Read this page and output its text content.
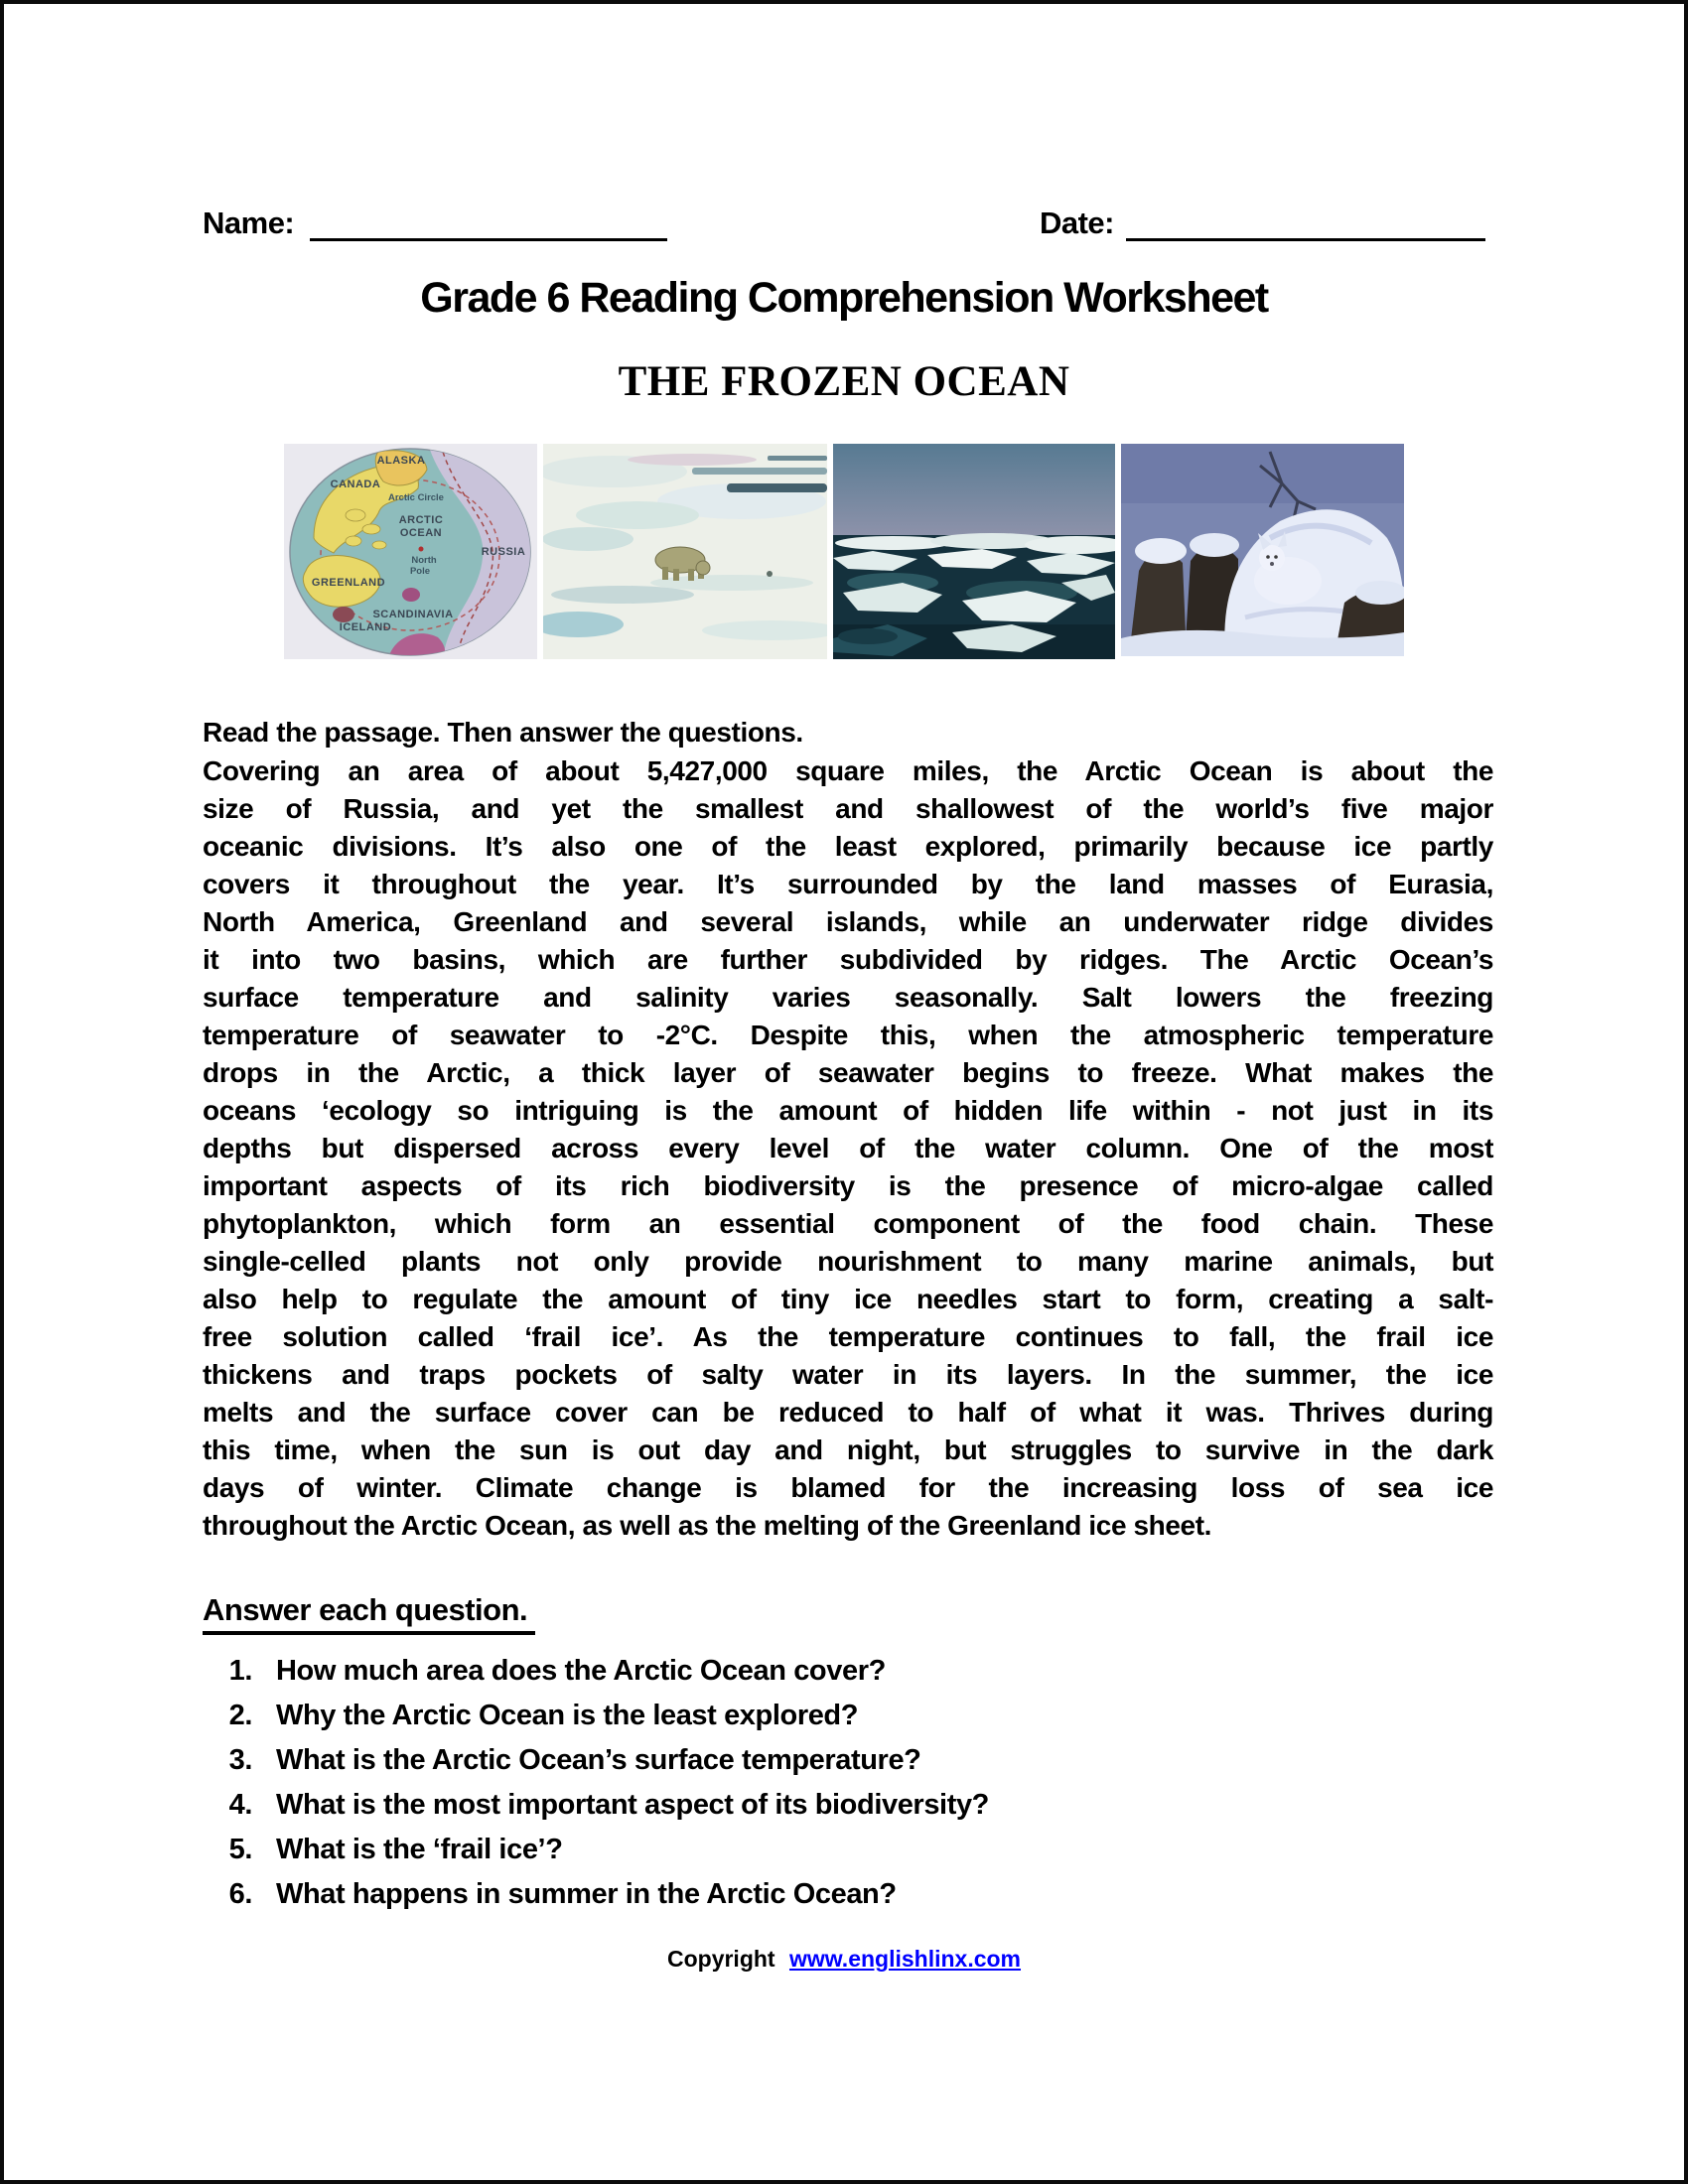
Name:	Date:
Grade 6 Reading Comprehension Worksheet
THE FROZEN OCEAN
ALASKA
CANADA
Arctic Circle
ARCTIC
OCEAN
RUSSIA
North
Pole
GREENLAND
SCANDINAVIA
ICELAND

Read the passage. Then answer the questions.

Covering an area of about 5,427,000 square miles, the Arctic Ocean is about the
size of Russia, and yet the smallest and shallowest of the world’s five major
oceanic divisions. It’s also one of the least explored, primarily because ice partly
covers it throughout the year. It’s surrounded by the land masses of Eurasia,
North America, Greenland and several islands, while an underwater ridge divides
it into two basins, which are further subdivided by ridges. The Arctic Ocean’s
surface temperature and salinity varies seasonally. Salt lowers the freezing
temperature of seawater to -2°C. Despite this, when the atmospheric temperature
drops in the Arctic, a thick layer of seawater begins to freeze. What makes the
oceans ‘ecology so intriguing is the amount of hidden life within - not just in its
depths but dispersed across every level of the water column. One of the most
important aspects of its rich biodiversity is the presence of micro-algae called
phytoplankton, which form an essential component of the food chain. These
single-celled plants not only provide nourishment to many marine animals, but
also help to regulate the amount of tiny ice needles start to form, creating a salt-
free solution called ‘frail ice’. As the temperature continues to fall, the frail ice
thickens and traps pockets of salty water in its layers. In the summer, the ice
melts and the surface cover can be reduced to half of what it was. Thrives during
this time, when the sun is out day and night, but struggles to survive in the dark
days of winter. Climate change is blamed for the increasing loss of sea ice
throughout the Arctic Ocean, as well as the melting of the Greenland ice sheet.
Answer each question.
1. How much area does the Arctic Ocean cover?
2. Why the Arctic Ocean is the least explored?
3. What is the Arctic Ocean’s surface temperature?
4. What is the most important aspect of its biodiversity?
5. What is the ‘frail ice’?
6. What happens in summer in the Arctic Ocean?
Copyright www.englishlinx.com
